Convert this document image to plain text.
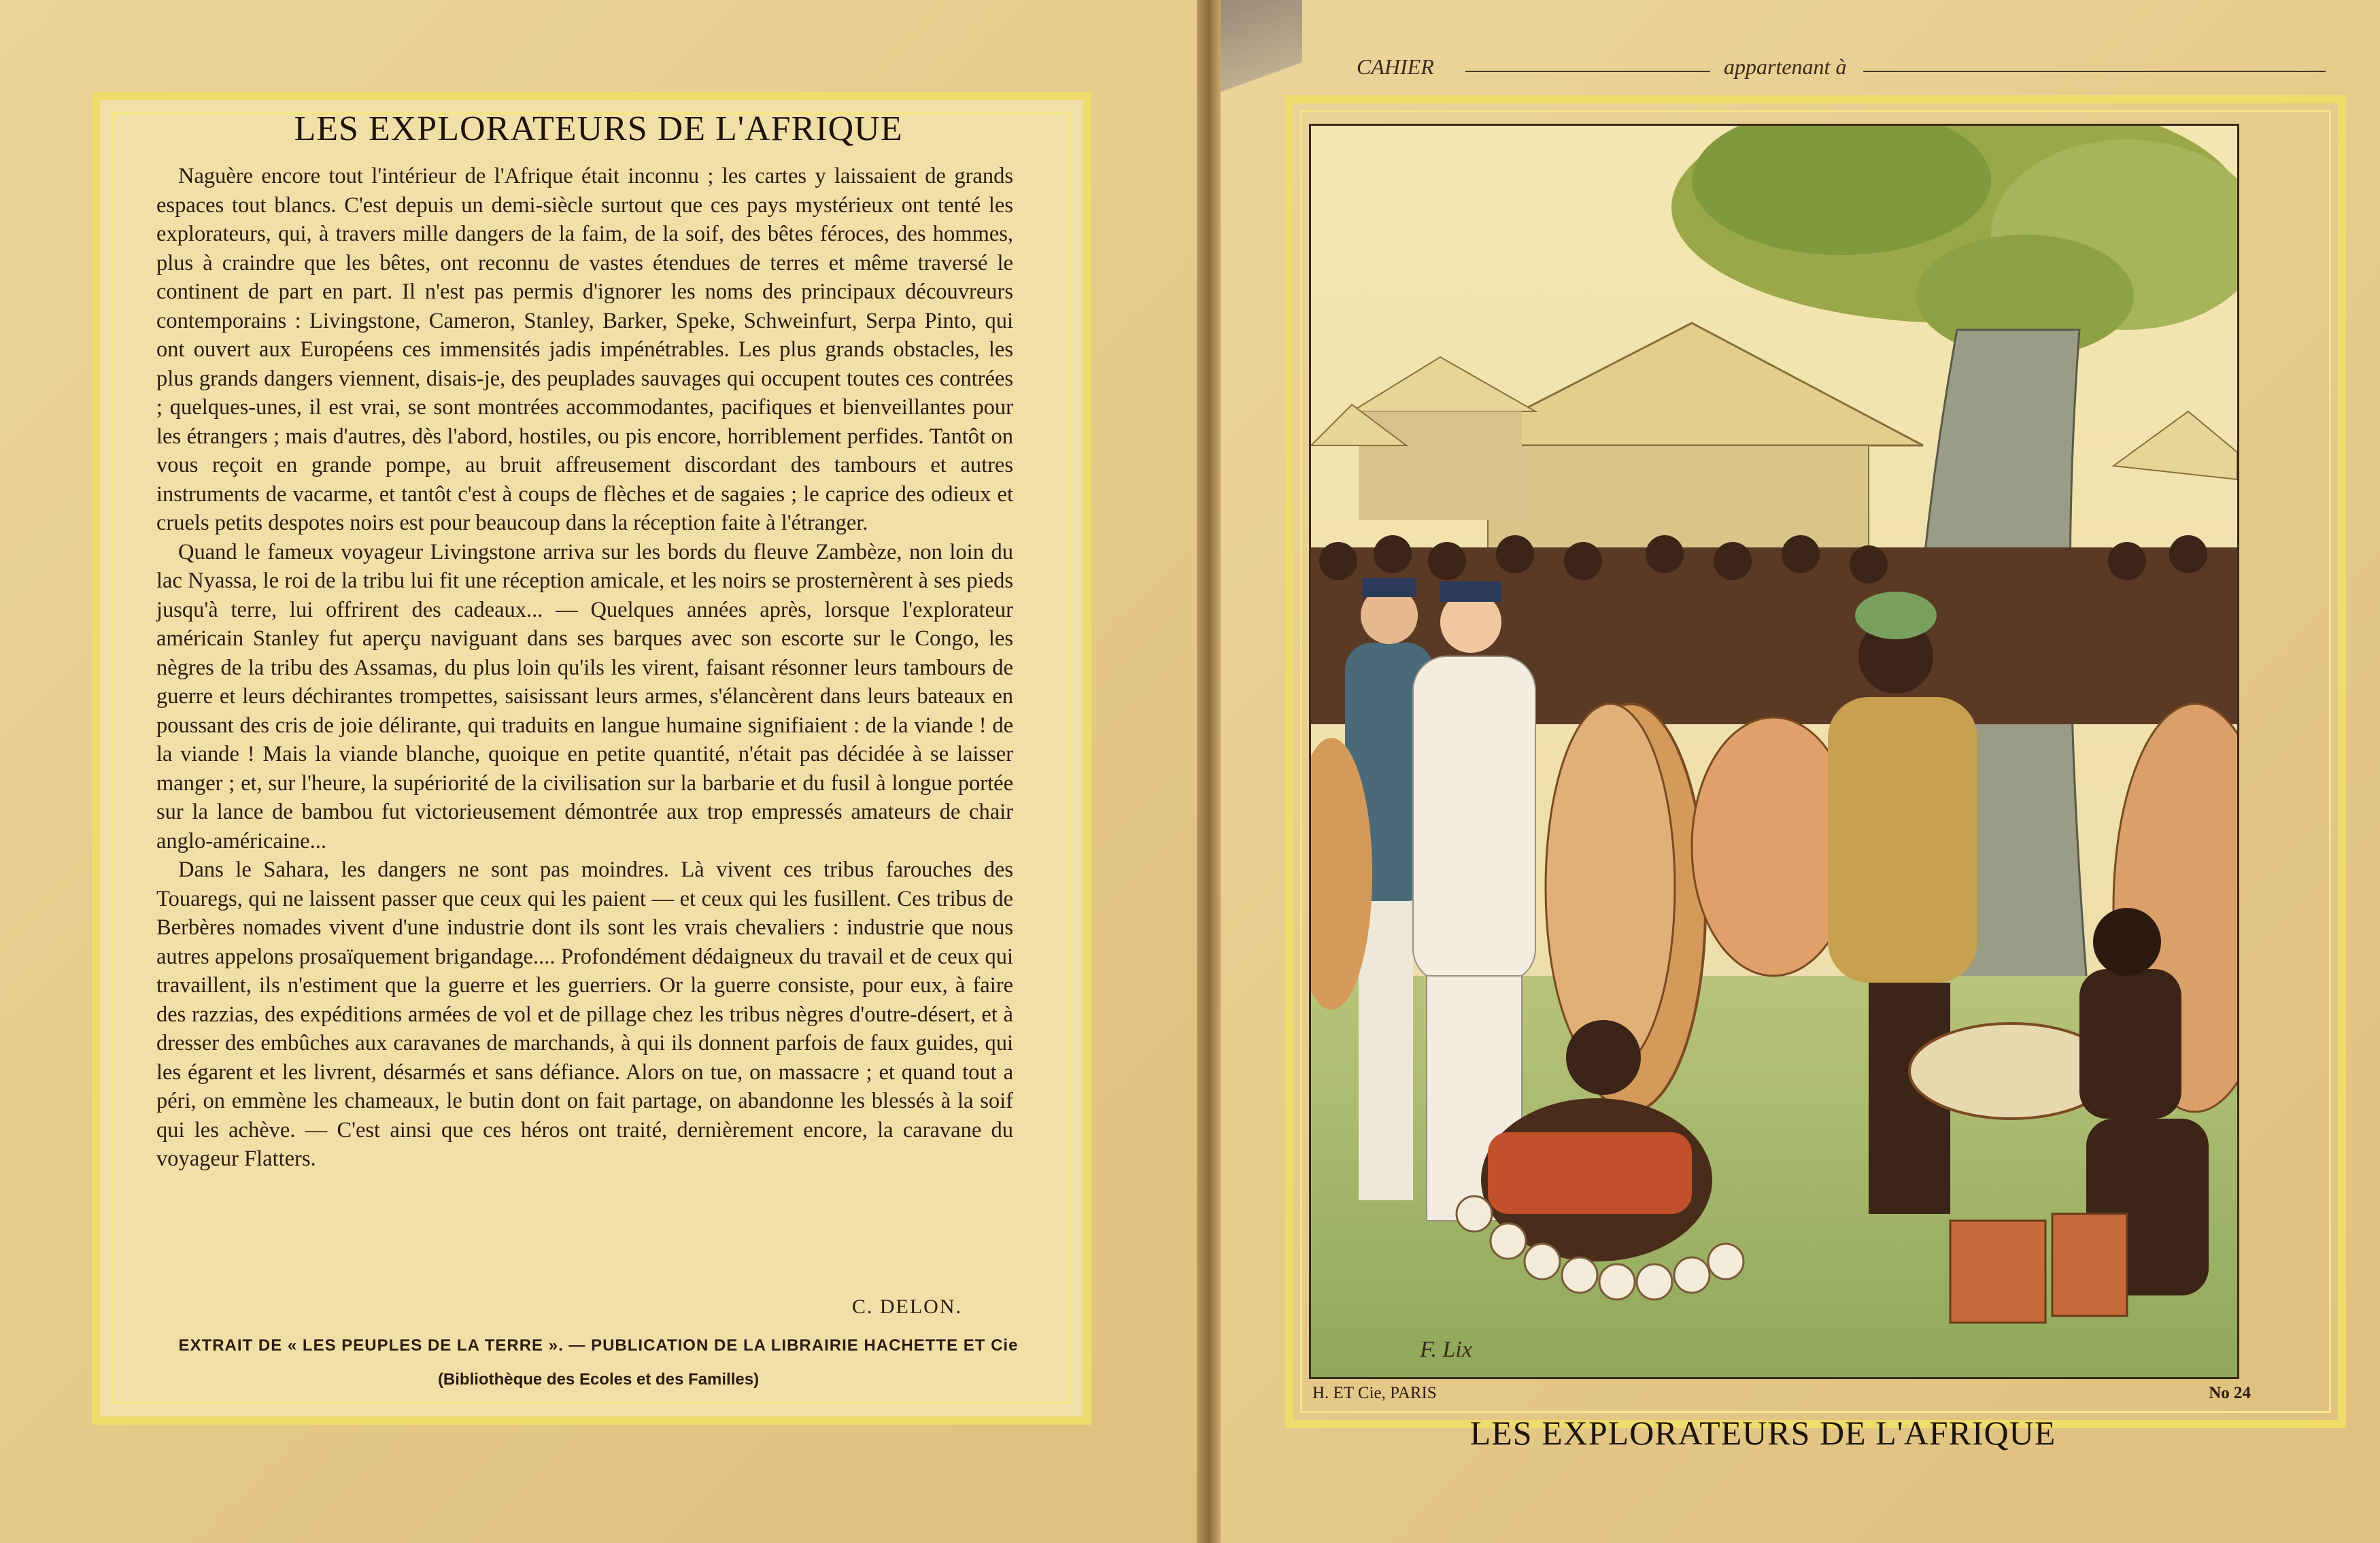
LES EXPLORATEURS DE L'AFRIQUE

Naguère encore tout l'intérieur de l'Afrique était inconnu ; les cartes y laissaient de grands espaces tout blancs. C'est depuis un demi-siècle surtout que ces pays mystérieux ont tenté les explorateurs, qui, à travers mille dangers de la faim, de la soif, des bêtes féroces, des hommes, plus à craindre que les bêtes, ont reconnu de vastes étendues de terres et même traversé le continent de part en part. Il n'est pas permis d'ignorer les noms des principaux découvreurs contemporains : Livingstone, Cameron, Stanley, Barker, Speke, Schweinfurt, Serpa Pinto, qui ont ouvert aux Européens ces immensités jadis impénétrables. Les plus grands obstacles, les plus grands dangers viennent, disais-je, des peuplades sauvages qui occupent toutes ces contrées ; quelques-unes, il est vrai, se sont montrées accommodantes, pacifiques et bienveillantes pour les étrangers ; mais d'autres, dès l'abord, hostiles, ou pis encore, horriblement perfides. Tantôt on vous reçoit en grande pompe, au bruit affreusement discordant des tambours et autres instruments de vacarme, et tantôt c'est à coups de flèches et de sagaies ; le caprice des odieux et cruels petits despotes noirs est pour beaucoup dans la réception faite à l'étranger.

Quand le fameux voyageur Livingstone arriva sur les bords du fleuve Zambèze, non loin du lac Nyassa, le roi de la tribu lui fit une réception amicale, et les noirs se prosternèrent à ses pieds jusqu'à terre, lui offrirent des cadeaux... — Quelques années après, lorsque l'explorateur américain Stanley fut aperçu naviguant dans ses barques avec son escorte sur le Congo, les nègres de la tribu des Assamas, du plus loin qu'ils les virent, faisant résonner leurs tambours de guerre et leurs déchirantes trompettes, saisissant leurs armes, s'élancèrent dans leurs bateaux en poussant des cris de joie délirante, qui traduits en langue humaine signifiaient : de la viande ! de la viande ! Mais la viande blanche, quoique en petite quantité, n'était pas décidée à se laisser manger ; et, sur l'heure, la supériorité de la civilisation sur la barbarie et du fusil à longue portée sur la lance de bambou fut victorieusement démontrée aux trop empressés amateurs de chair anglo-américaine...

Dans le Sahara, les dangers ne sont pas moindres. Là vivent ces tribus farouches des Touaregs, qui ne laissent passer que ceux qui les paient — et ceux qui les fusillent. Ces tribus de Berbères nomades vivent d'une industrie dont ils sont les vrais chevaliers : industrie que nous autres appelons prosaïquement brigandage.... Profondément dédaigneux du travail et de ceux qui travaillent, ils n'estiment que la guerre et les guerriers. Or la guerre consiste, pour eux, à faire des razzias, des expéditions armées de vol et de pillage chez les tribus nègres d'outre-désert, et à dresser des embûches aux caravanes de marchands, à qui ils donnent parfois de faux guides, qui les égarent et les livrent, désarmés et sans défiance. Alors on tue, on massacre ; et quand tout a péri, on emmène les chameaux, le butin dont on fait partage, on abandonne les blessés à la soif qui les achève. — C'est ainsi que ces héros ont traité, dernièrement encore, la caravane du voyageur Flatters.

C. DELON.
EXTRAIT DE « LES PEUPLES DE LA TERRE ». — PUBLICATION DE LA LIBRAIRIE HACHETTE ET Cie
(Bibliothèque des Ecoles et des Familles)
CAHIER	appartenant à
F. Lix
H. ET Cie, PARIS	No 24
LES EXPLORATEURS DE L'AFRIQUE
